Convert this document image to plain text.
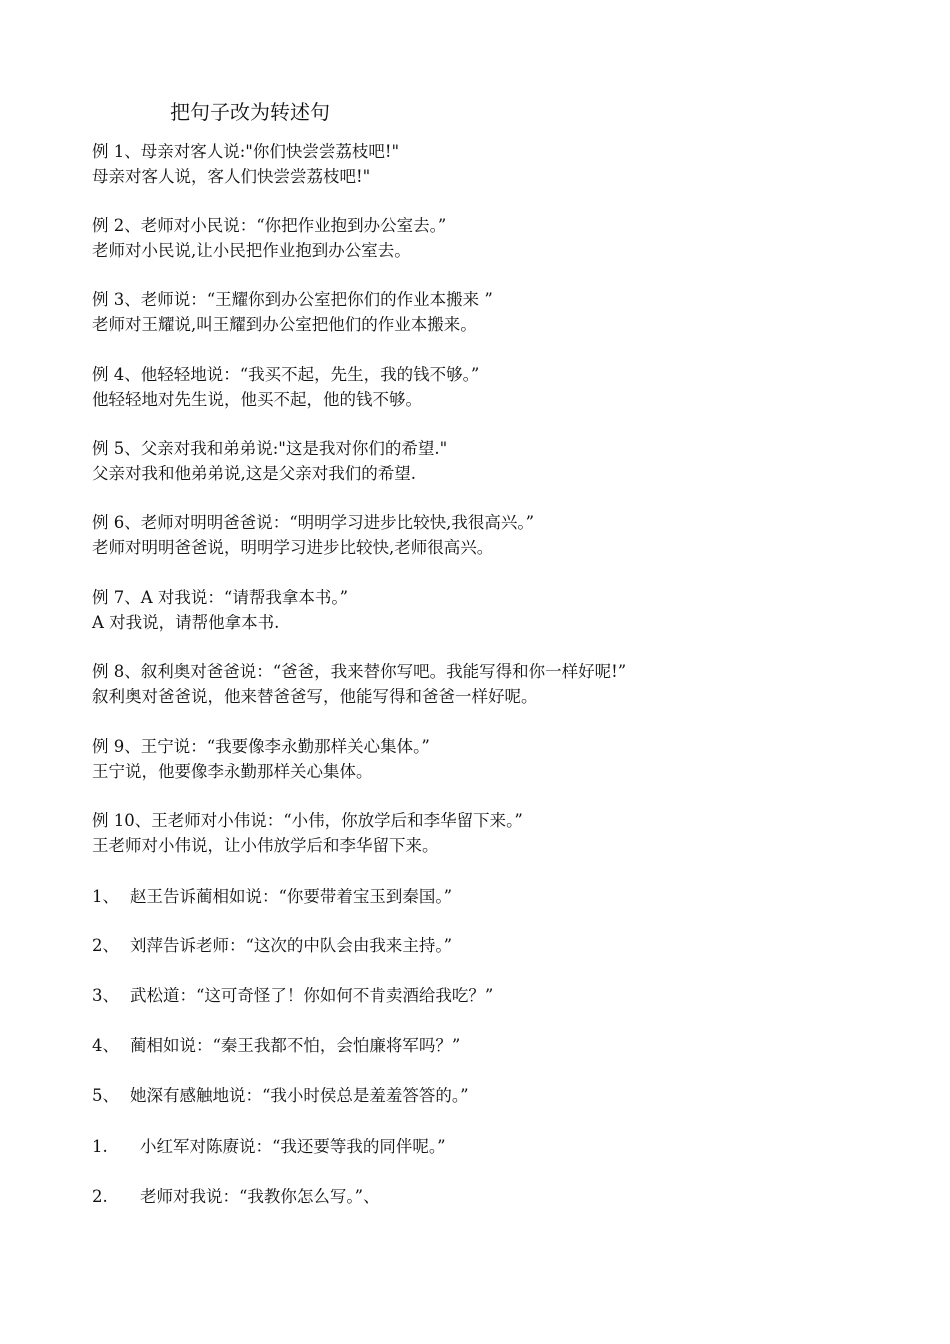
把句子改为转述句
例 1、母亲对客人说:"你们快尝尝荔枝吧!"
母亲对客人说，客人们快尝尝荔枝吧!"
例 2、老师对小民说：“你把作业抱到办公室去。”
老师对小民说,让小民把作业抱到办公室去。
例 3、老师说：“王耀你到办公室把你们的作业本搬来 ”
老师对王耀说,叫王耀到办公室把他们的作业本搬来。
例 4、他轻轻地说：“我买不起，先生，我的钱不够。”
他轻轻地对先生说，他买不起，他的钱不够。
例 5、父亲对我和弟弟说:"这是我对你们的希望."
父亲对我和他弟弟说,这是父亲对我们的希望.
例 6、老师对明明爸爸说：“明明学习进步比较快,我很高兴。”
老师对明明爸爸说，明明学习进步比较快,老师很高兴。
例 7、A 对我说：“请帮我拿本书。”
A 对我说，请帮他拿本书.
例 8、叙利奥对爸爸说：“爸爸，我来替你写吧。我能写得和你一样好呢!”
叙利奥对爸爸说，他来替爸爸写，他能写得和爸爸一样好呢。
例 9、王宁说：“我要像李永勤那样关心集体。”
王宁说，他要像李永勤那样关心集体。
例 10、王老师对小伟说：“小伟，你放学后和李华留下来。”
王老师对小伟说，让小伟放学后和李华留下来。
1、 赵王告诉蔺相如说：“你要带着宝玉到秦国。”
2、 刘萍告诉老师：“这次的中队会由我来主持。”
3、 武松道：“这可奇怪了！你如何不肯卖酒给我吃？”
4、 蔺相如说：“秦王我都不怕，会怕廉将军吗？”
5、 她深有感触地说：“我小时侯总是羞羞答答的。”
1. 小红军对陈赓说：“我还要等我的同伴呢。”
2. 老师对我说：“我教你怎么写。”、
